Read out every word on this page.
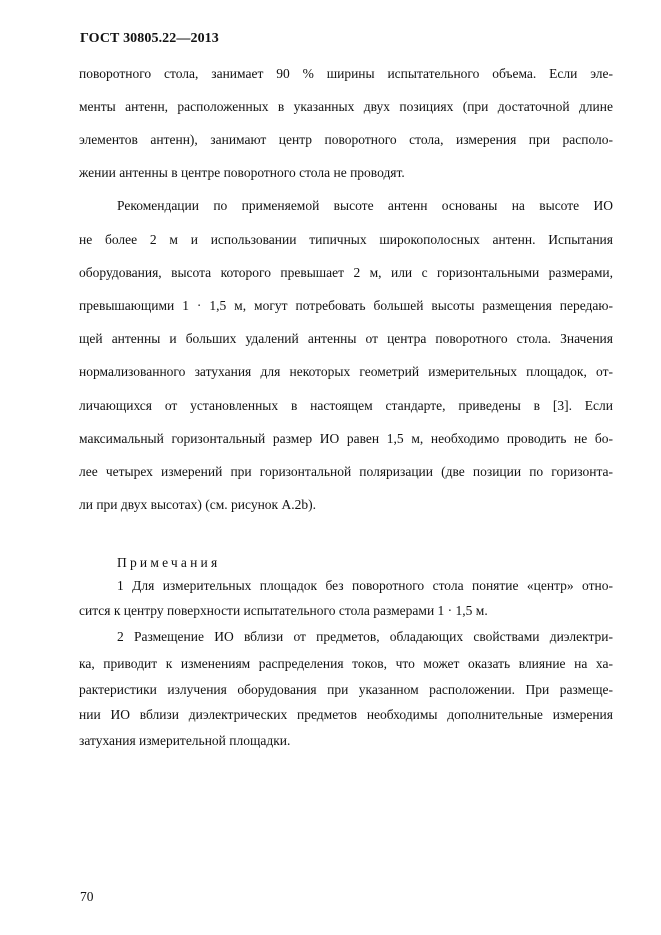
ГОСТ 30805.22—2013
поворотного стола, занимает 90 % ширины испытательного объема. Если эле-
менты антенн, расположенных в указанных двух позициях (при достаточной длине
элементов антенн), занимают центр поворотного стола, измерения при располо-
жении антенны в центре поворотного стола не проводят.
Рекомендации по применяемой высоте антенн основаны на высоте ИО
не более 2 м и использовании типичных широкополосных антенн. Испытания
оборудования, высота которого превышает 2 м, или с горизонтальными размерами,
превышающими 1 · 1,5 м, могут потребовать большей высоты размещения передаю-
щей антенны и больших удалений антенны от центра поворотного стола. Значения
нормализованного затухания для некоторых геометрий измерительных площадок, от-
личающихся от установленных в настоящем стандарте, приведены в [3]. Если
максимальный горизонтальный размер ИО равен 1,5 м, необходимо проводить не бо-
лее четырех измерений при горизонтальной поляризации (две позиции по горизонта-
ли при двух высотах) (см. рисунок А.2b).
Примечания
1 Для измерительных площадок без поворотного стола понятие «центр» отно-
сится к центру поверхности испытательного стола размерами 1 · 1,5 м.
2 Размещение ИО вблизи от предметов, обладающих свойствами диэлектри-
ка, приводит к изменениям распределения токов, что может оказать влияние на ха-
рактеристики излучения оборудования при указанном расположении. При размеще-
нии ИО вблизи диэлектрических предметов необходимы дополнительные измерения
затухания измерительной площадки.
70
